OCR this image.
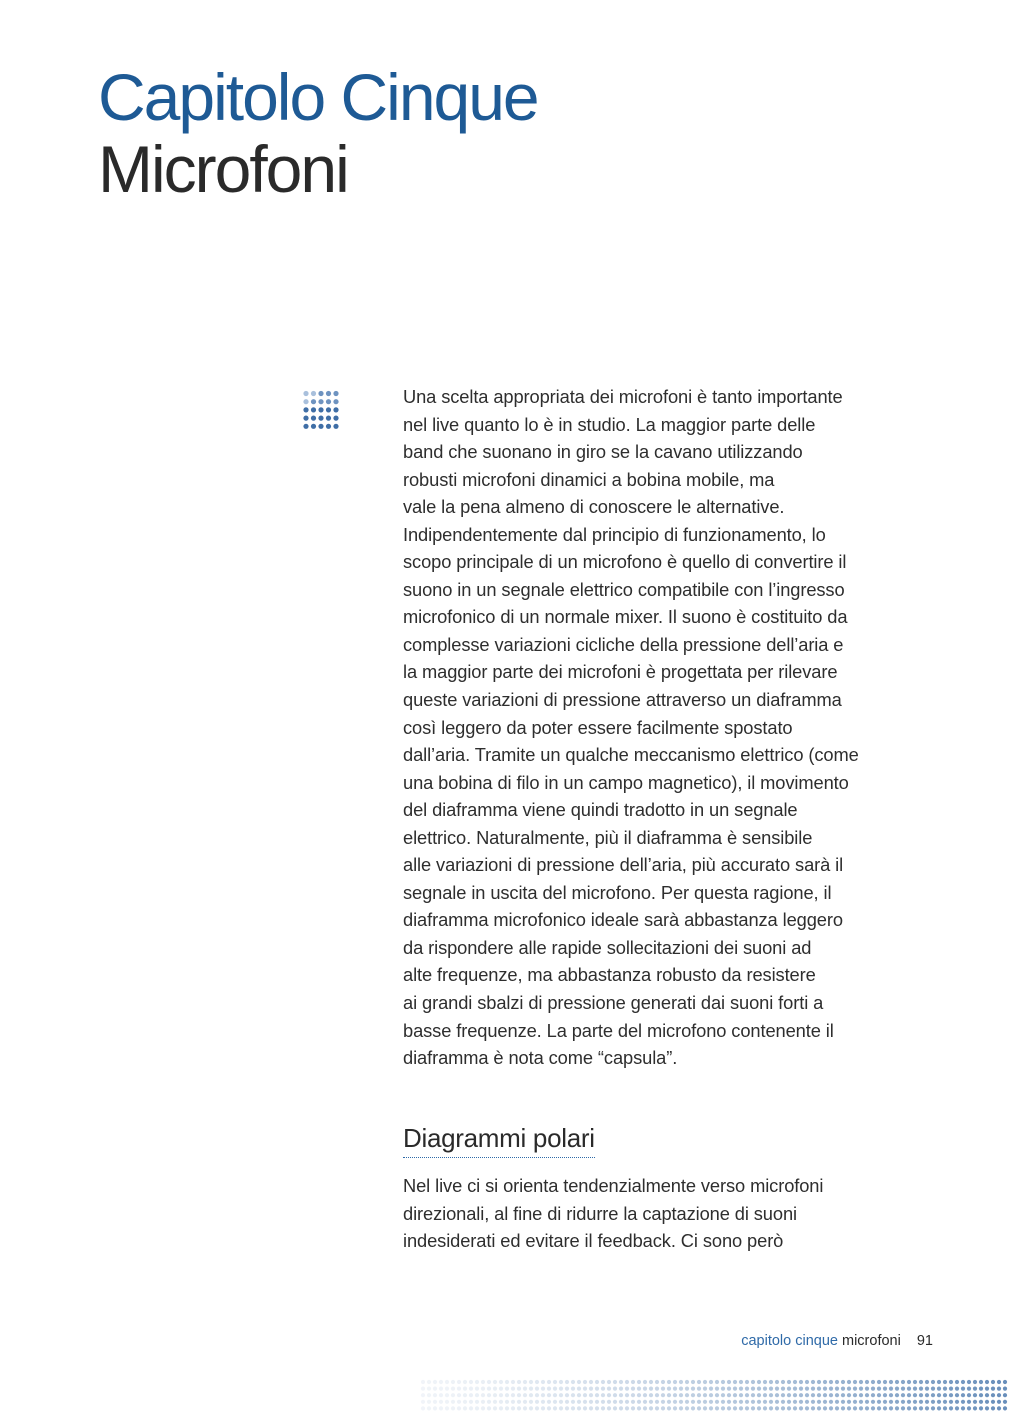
Capitolo Cinque
Microfoni
Una scelta appropriata dei microfoni è tanto importante
nel live quanto lo è in studio. La maggior parte delle
band che suonano in giro se la cavano utilizzando
robusti microfoni dinamici a bobina mobile, ma
vale la pena almeno di conoscere le alternative.
Indipendentemente dal principio di funzionamento, lo
scopo principale di un microfono è quello di convertire il
suono in un segnale elettrico compatibile con l’ingresso
microfonico di un normale mixer. Il suono è costituito da
complesse variazioni cicliche della pressione dell’aria e
la maggior parte dei microfoni è progettata per rilevare
queste variazioni di pressione attraverso un diaframma
così leggero da poter essere facilmente spostato
dall’aria. Tramite un qualche meccanismo elettrico (come
una bobina di filo in un campo magnetico), il movimento
del diaframma viene quindi tradotto in un segnale
elettrico. Naturalmente, più il diaframma è sensibile
alle variazioni di pressione dell’aria, più accurato sarà il
segnale in uscita del microfono. Per questa ragione, il
diaframma microfonico ideale sarà abbastanza leggero
da rispondere alle rapide sollecitazioni dei suoni ad
alte frequenze, ma abbastanza robusto da resistere
ai grandi sbalzi di pressione generati dai suoni forti a
basse frequenze. La parte del microfono contenente il
diaframma è nota come “capsula”.
Diagrammi polari
Nel live ci si orienta tendenzialmente verso microfoni
direzionali, al fine di ridurre la captazione di suoni
indesiderati ed evitare il feedback. Ci sono però
capitolo cinque microfoni 91
